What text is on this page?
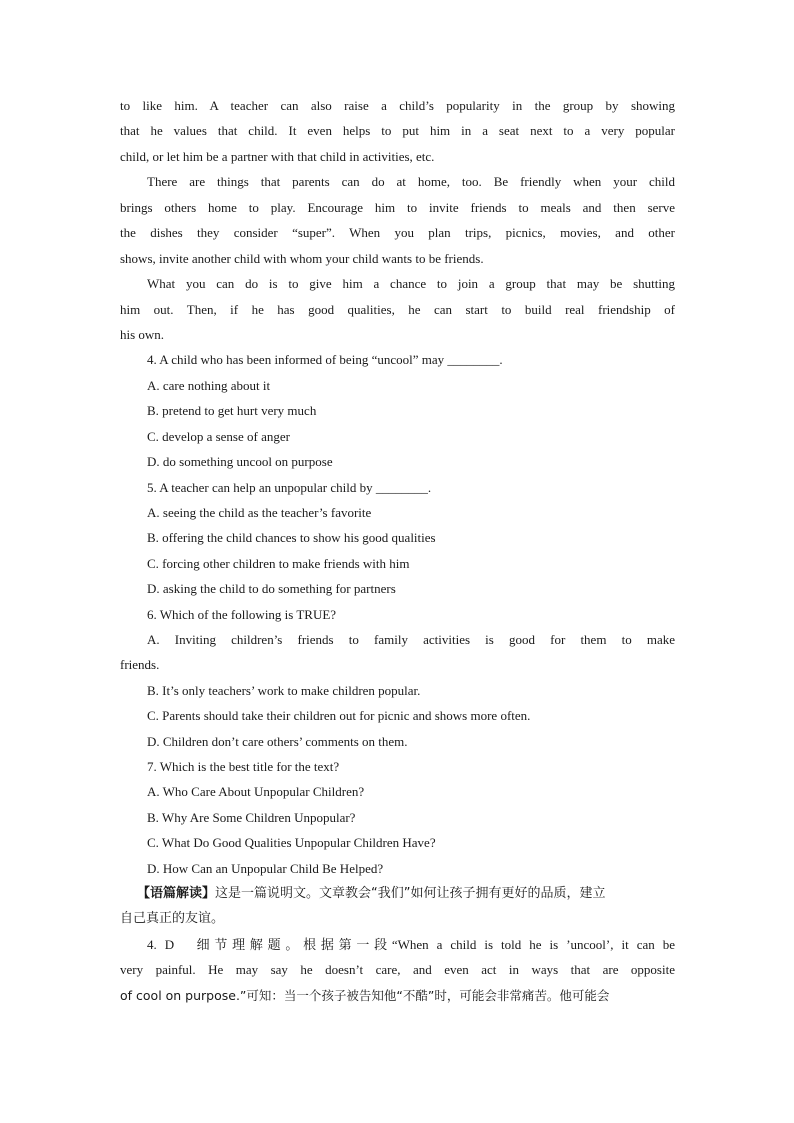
to like him. A teacher can also raise a child’s popularity in the group by showing
that he values that child. It even helps to put him in a seat next to a very popular
child, or let him be a partner with that child in activities, etc.
There are things that parents can do at home, too. Be friendly when your child
brings others home to play. Encourage him to invite friends to meals and then serve
the dishes they consider “super”. When you plan trips, picnics, movies, and other
shows, invite another child with whom your child wants to be friends.
What you can do is to give him a chance to join a group that may be shutting
him out. Then, if he has good qualities, he can start to build real friendship of
his own.
4. A child who has been informed of being “uncool” may ________.
A. care nothing about it
B. pretend to get hurt very much
C. develop a sense of anger
D. do something uncool on purpose
5. A teacher can help an unpopular child by ________.
A. seeing the child as the teacher’s favorite
B. offering the child chances to show his good qualities
C. forcing other children to make friends with him
D. asking the child to do something for partners
6. Which of the following is TRUE?
A. Inviting children’s friends to family activities is good for them to make
friends.
B. It’s only teachers’ work to make children popular.
C. Parents should take their children out for picnic and shows more often.
D. Children don’t care others’ comments on them.
7. Which is the best title for the text?
A. Who Care About Unpopular Children?
B. Why Are Some Children Unpopular?
C. What Do Good Qualities Unpopular Children Have?
D. How Can an Unpopular Child Be Helped?
【语篇解读】这是一篇说明文。文章教会“我们”如何让孩子拥有更好的品质，建立
自己真正的友谊。
4. D　细节理解题。根据第一段“When a child is told he is ’uncool’, it can be
very painful. He may say he doesn’t care, and even act in ways that are opposite
of cool on purpose.”可知：当一个孩子被告知他“不酷”时，可能会非常痛苦。他可能会
